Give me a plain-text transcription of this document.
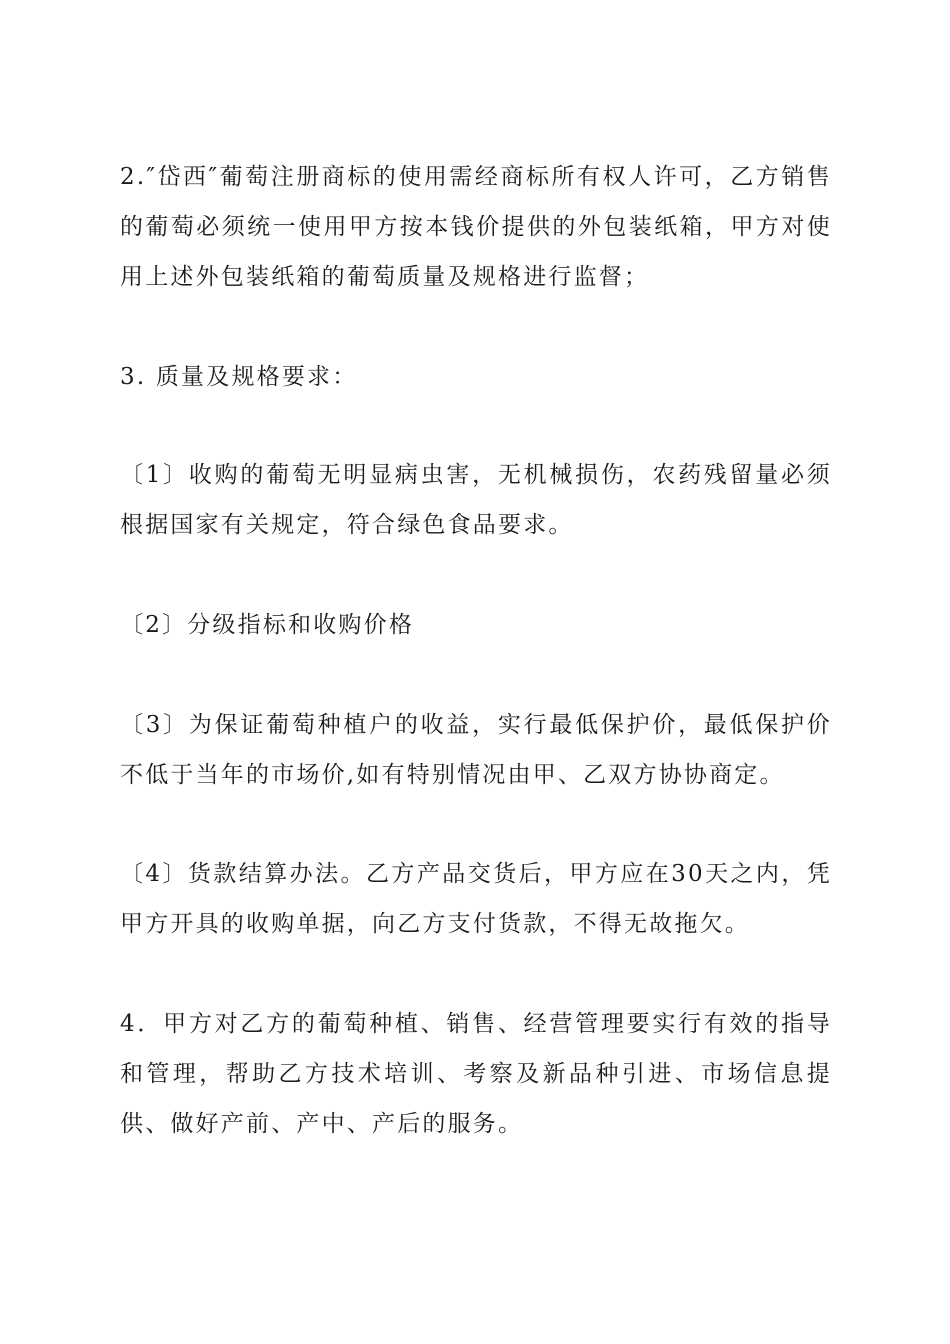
2.″岱西″葡萄注册商标的使用需经商标所有权人许可，乙方销售的葡萄必须统一使用甲方按本钱价提供的外包装纸箱，甲方对使用上述外包装纸箱的葡萄质量及规格进行监督；

3. 质量及规格要求：

〔1〕收购的葡萄无明显病虫害，无机械损伤，农药残留量必须根据国家有关规定，符合绿色食品要求。

〔2〕分级指标和收购价格

〔3〕为保证葡萄种植户的收益，实行最低保护价，最低保护价不低于当年的市场价,如有特别情况由甲、乙双方协协商定。

〔4〕货款结算办法。乙方产品交货后，甲方应在30天之内，凭甲方开具的收购单据，向乙方支付货款，不得无故拖欠。

4．甲方对乙方的葡萄种植、销售、经营管理要实行有效的指导和管理，帮助乙方技术培训、考察及新品种引进、市场信息提供、做好产前、产中、产后的服务。
